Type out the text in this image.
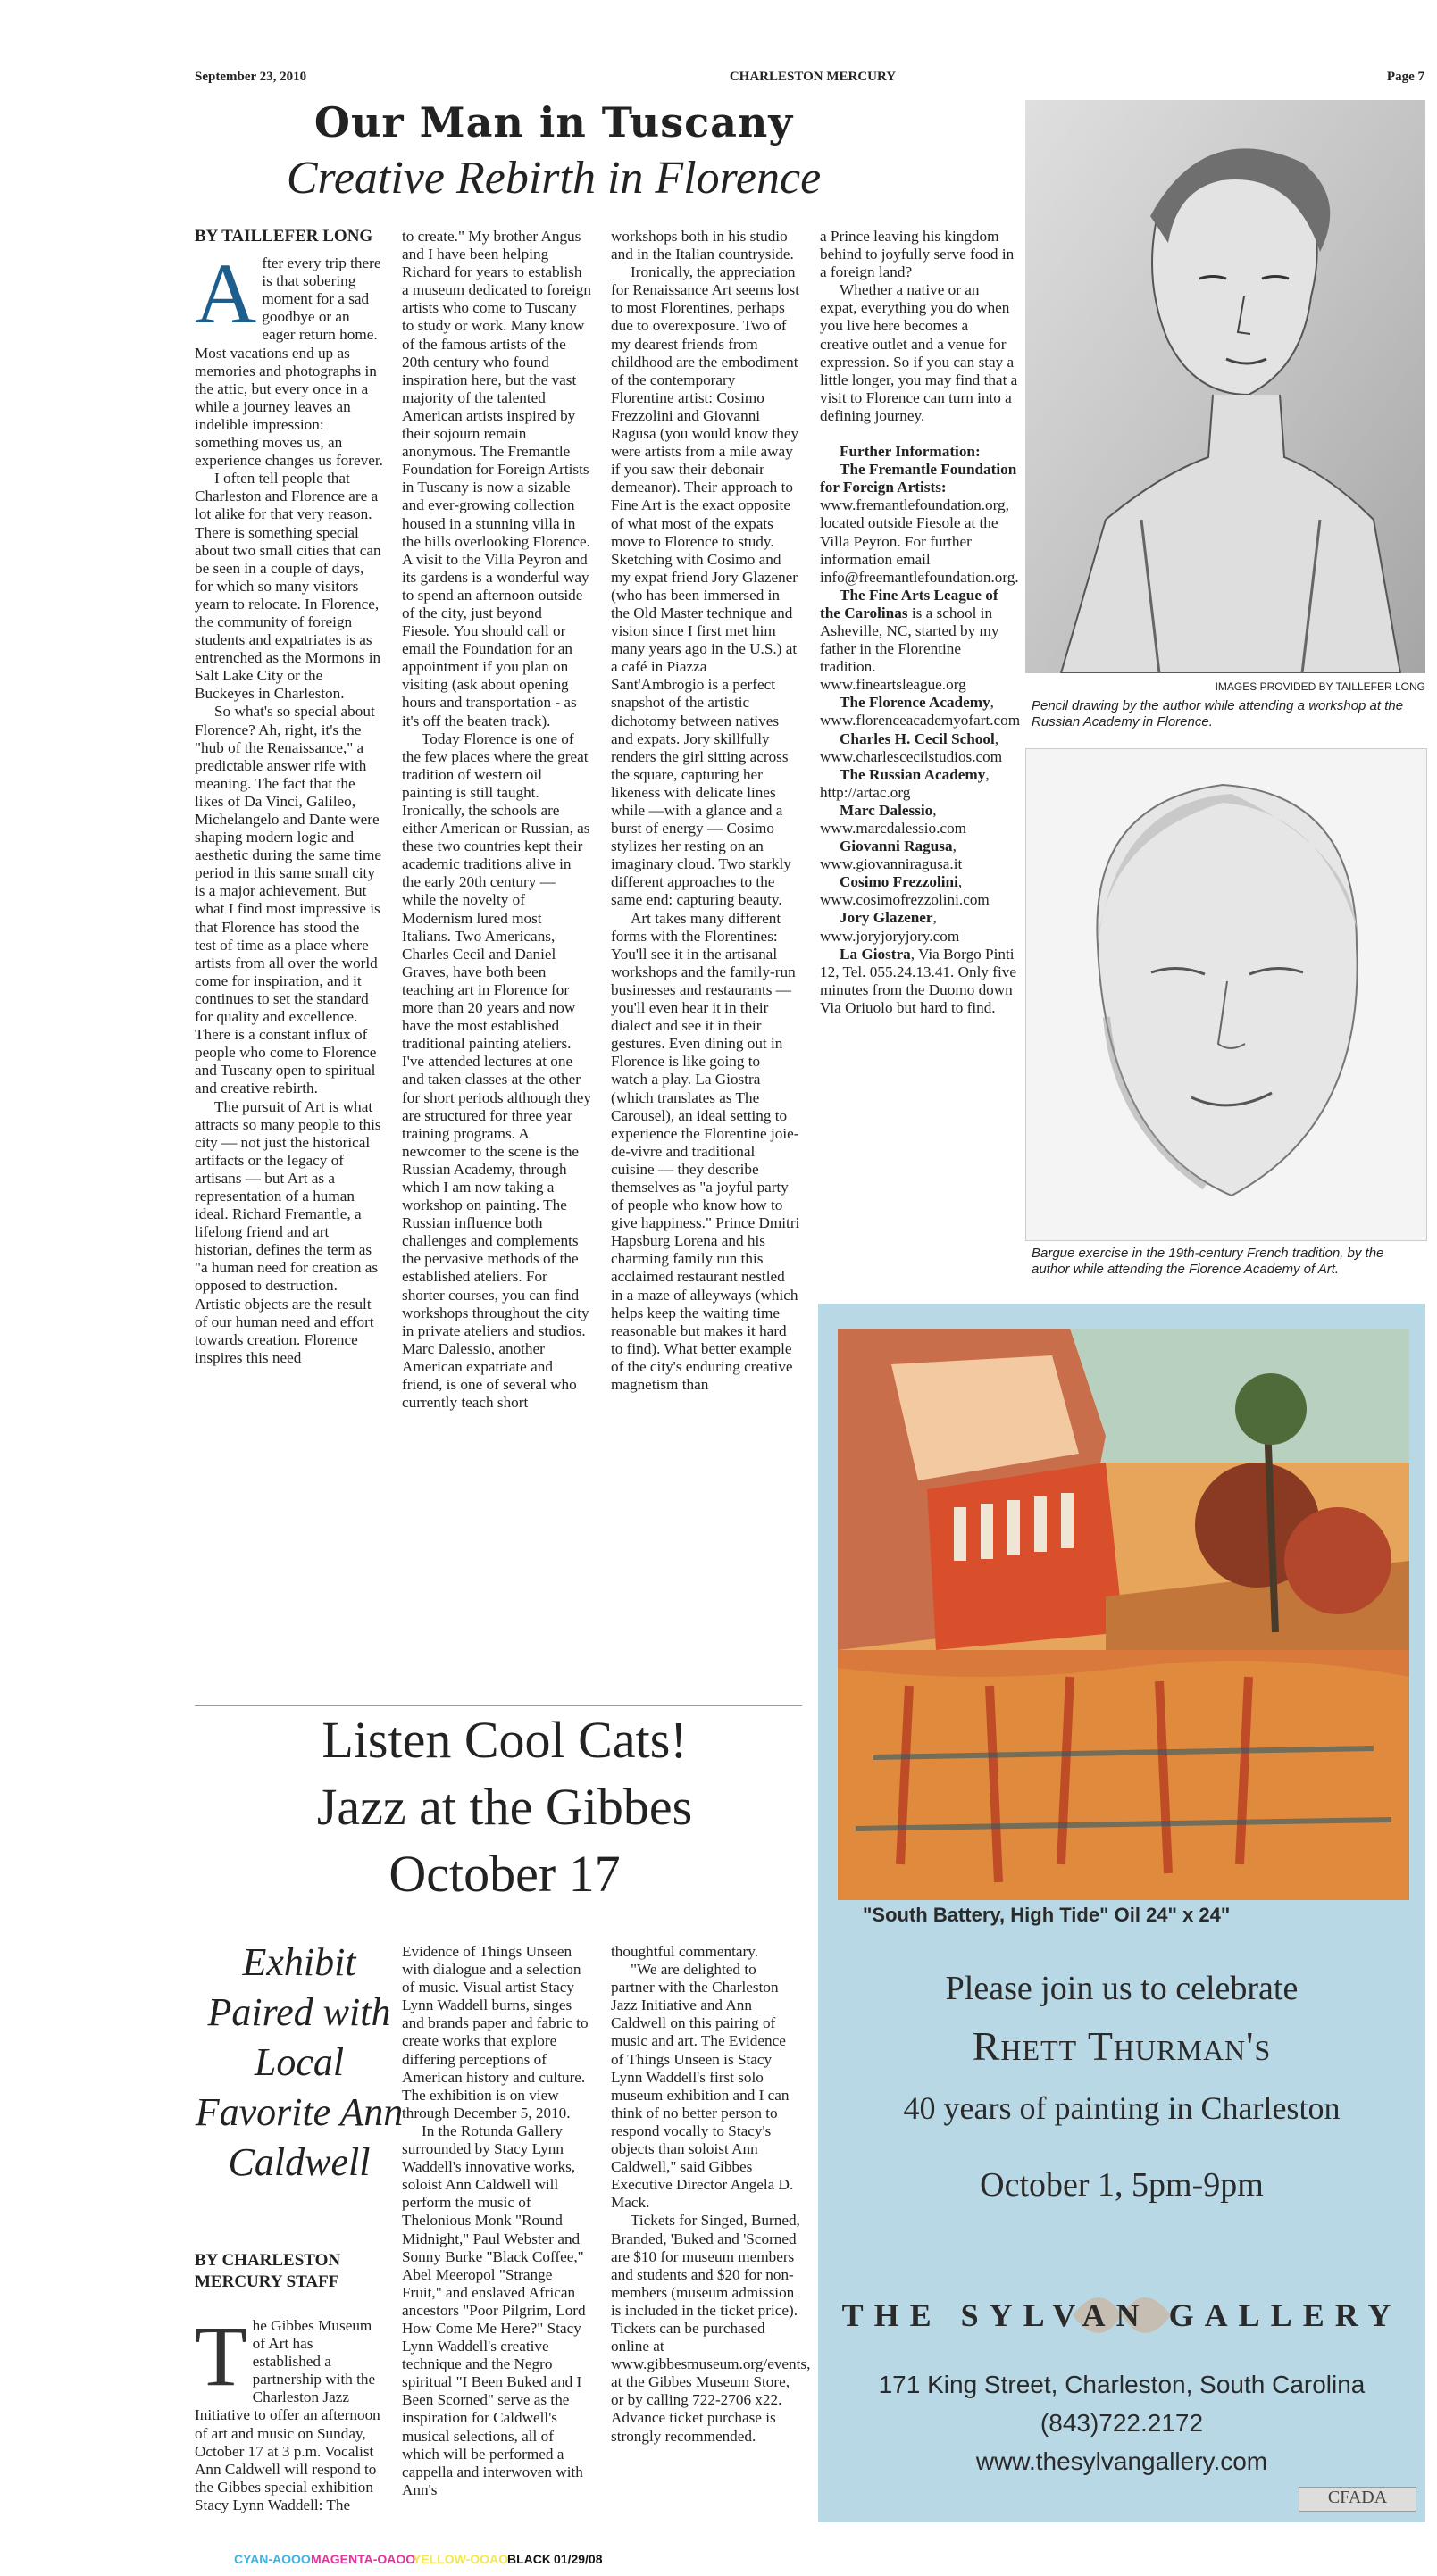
September 23, 2010	CHARLESTON MERCURY	Page 7
Our Man in Tuscany
Creative Rebirth in Florence
BY TAILLEFER LONG

After every trip there is that sobering moment for a sad goodbye or an eager return home. Most vacations end up as memories and photographs in the attic, but every once in a while a journey leaves an indelible impression: something moves us, an experience changes us forever.

I often tell people that Charleston and Florence are a lot alike for that very reason. There is something special about two small cities that can be seen in a couple of days, for which so many visitors yearn to relocate. In Florence, the community of foreign students and expatriates is as entrenched as the Mormons in Salt Lake City or the Buckeyes in Charleston.

So what's so special about Florence? Ah, right, it's the "hub of the Renaissance," a predictable answer rife with meaning. The fact that the likes of Da Vinci, Galileo, Michelangelo and Dante were shaping modern logic and aesthetic during the same time period in this same small city is a major achievement. But what I find most impressive is that Florence has stood the test of time as a place where artists from all over the world come for inspiration, and it continues to set the standard for quality and excellence. There is a constant influx of people who come to Florence and Tuscany open to spiritual and creative rebirth.

The pursuit of Art is what attracts so many people to this city — not just the historical artifacts or the legacy of artisans — but Art as a representation of a human ideal. Richard Fremantle, a lifelong friend and art historian, defines the term as "a human need for creation as opposed to destruction. Artistic objects are the result of our human need and effort towards creation. Florence inspires this need

to create." My brother Angus and I have been helping Richard for years to establish a museum dedicated to foreign artists who come to Tuscany to study or work. Many know of the famous artists of the 20th century who found inspiration here, but the vast majority of the talented American artists inspired by their sojourn remain anonymous. The Fremantle Foundation for Foreign Artists in Tuscany is now a sizable and ever-growing collection housed in a stunning villa in the hills overlooking Florence. A visit to the Villa Peyron and its gardens is a wonderful way to spend an afternoon outside of the city, just beyond Fiesole. You should call or email the Foundation for an appointment if you plan on visiting (ask about opening hours and transportation - as it's off the beaten track).

Today Florence is one of the few places where the great tradition of western oil painting is still taught. Ironically, the schools are either American or Russian, as these two countries kept their academic traditions alive in the early 20th century — while the novelty of Modernism lured most Italians. Two Americans, Charles Cecil and Daniel Graves, have both been teaching art in Florence for more than 20 years and now have the most established traditional painting ateliers. I've attended lectures at one and taken classes at the other for short periods although they are structured for three year training programs. A newcomer to the scene is the Russian Academy, through which I am now taking a workshop on painting. The Russian influence both challenges and complements the pervasive methods of the established ateliers. For shorter courses, you can find workshops throughout the city in private ateliers and studios. Marc Dalessio, another American expatriate and friend, is one of several who currently teach short

workshops both in his studio and in the Italian countryside.

Ironically, the appreciation for Renaissance Art seems lost to most Florentines, perhaps due to overexposure. Two of my dearest friends from childhood are the embodiment of the contemporary Florentine artist: Cosimo Frezzolini and Giovanni Ragusa (you would know they were artists from a mile away if you saw their debonair demeanor). Their approach to Fine Art is the exact opposite of what most of the expats move to Florence to study. Sketching with Cosimo and my expat friend Jory Glazener (who has been immersed in the Old Master technique and vision since I first met him many years ago in the U.S.) at a café in Piazza Sant'Ambrogio is a perfect snapshot of the artistic dichotomy between natives and expats. Jory skillfully renders the girl sitting across the square, capturing her likeness with delicate lines while —with a glance and a burst of energy — Cosimo stylizes her resting on an imaginary cloud. Two starkly different approaches to the same end: capturing beauty.

Art takes many different forms with the Florentines: You'll see it in the artisanal workshops and the family-run businesses and restaurants — you'll even hear it in their dialect and see it in their gestures. Even dining out in Florence is like going to watch a play. La Giostra (which translates as The Carousel), an ideal setting to experience the Florentine joie-de-vivre and traditional cuisine — they describe themselves as "a joyful party of people who know how to give happiness." Prince Dmitri Hapsburg Lorena and his charming family run this acclaimed restaurant nestled in a maze of alleyways (which helps keep the waiting time reasonable but makes it hard to find). What better example of the city's enduring creative magnetism than

a Prince leaving his kingdom behind to joyfully serve food in a foreign land?

Whether a native or an expat, everything you do when you live here becomes a creative outlet and a venue for expression. So if you can stay a little longer, you may find that a visit to Florence can turn into a defining journey.

Further Information:

The Fremantle Foundation for Foreign Artists: www.fremantlefoundation.org, located outside Fiesole at the Villa Peyron. For further information email info@freemantlefoundation.org.

The Fine Arts League of the Carolinas is a school in Asheville, NC, started by my father in the Florentine tradition. www.fineartsleague.org

The Florence Academy, www.florenceacademyofart.com

Charles H. Cecil School, www.charlescecilstudios.com

The Russian Academy, http://artac.org

Marc Dalessio, www.marcdalessio.com

Giovanni Ragusa, www.giovanniragusa.it

Cosimo Frezzolini, www.cosimofrezzolini.com

Jory Glazener, www.joryjoryjory.com

La Giostra, Via Borgo Pinti 12, Tel. 055.24.13.41. Only five minutes from the Duomo down Via Oriuolo but hard to find.

IMAGES PROVIDED BY TAILLEFER LONG
Pencil drawing by the author while attending a workshop at the Russian Academy in Florence.
Bargue exercise in the 19th-century French tradition, by the author while attending the Florence Academy of Art.
Listen Cool Cats!
Jazz at the Gibbes
October 17
Exhibit Paired with Local Favorite Ann Caldwell
BY CHARLESTON MERCURY STAFF

The Gibbes Museum of Art has established a partnership with the Charleston Jazz Initiative to offer an afternoon of art and music on Sunday, October 17 at 3 p.m. Vocalist Ann Caldwell will respond to the Gibbes special exhibition Stacy Lynn Waddell: The

Evidence of Things Unseen with dialogue and a selection of music. Visual artist Stacy Lynn Waddell burns, singes and brands paper and fabric to create works that explore differing perceptions of American history and culture. The exhibition is on view through December 5, 2010.

In the Rotunda Gallery surrounded by Stacy Lynn Waddell's innovative works, soloist Ann Caldwell will perform the music of Thelonious Monk "Round Midnight," Paul Webster and Sonny Burke "Black Coffee," Abel Meeropol "Strange Fruit," and enslaved African ancestors "Poor Pilgrim, Lord How Come Me Here?" Stacy Lynn Waddell's creative technique and the Negro spiritual "I Been Buked and I Been Scorned" serve as the inspiration for Caldwell's musical selections, all of which will be performed a cappella and interwoven with Ann's

thoughtful commentary.

"We are delighted to partner with the Charleston Jazz Initiative and Ann Caldwell on this pairing of music and art. The Evidence of Things Unseen is Stacy Lynn Waddell's first solo museum exhibition and I can think of no better person to respond vocally to Stacy's objects than soloist Ann Caldwell," said Gibbes Executive Director Angela D. Mack.

Tickets for Singed, Burned, Branded, 'Buked and 'Scorned are $10 for museum members and students and $20 for non-members (museum admission is included in the ticket price). Tickets can be purchased online at www.gibbesmuseum.org/events, at the Gibbes Museum Store, or by calling 722-2706 x22. Advance ticket purchase is strongly recommended.

"South Battery, High Tide" Oil 24" x 24"
Please join us to celebrate
Rhett Thurman's
40 years of painting in Charleston
October 1, 5pm-9pm
THE SYLVAN GALLERY
171 King Street, Charleston, South Carolina
(843)722.2172
www.thesylvangallery.com
CFADA
CYAN-AOOO MAGENTA-OAOO
YELLOW-OOAO
BLACK 01/29/08
